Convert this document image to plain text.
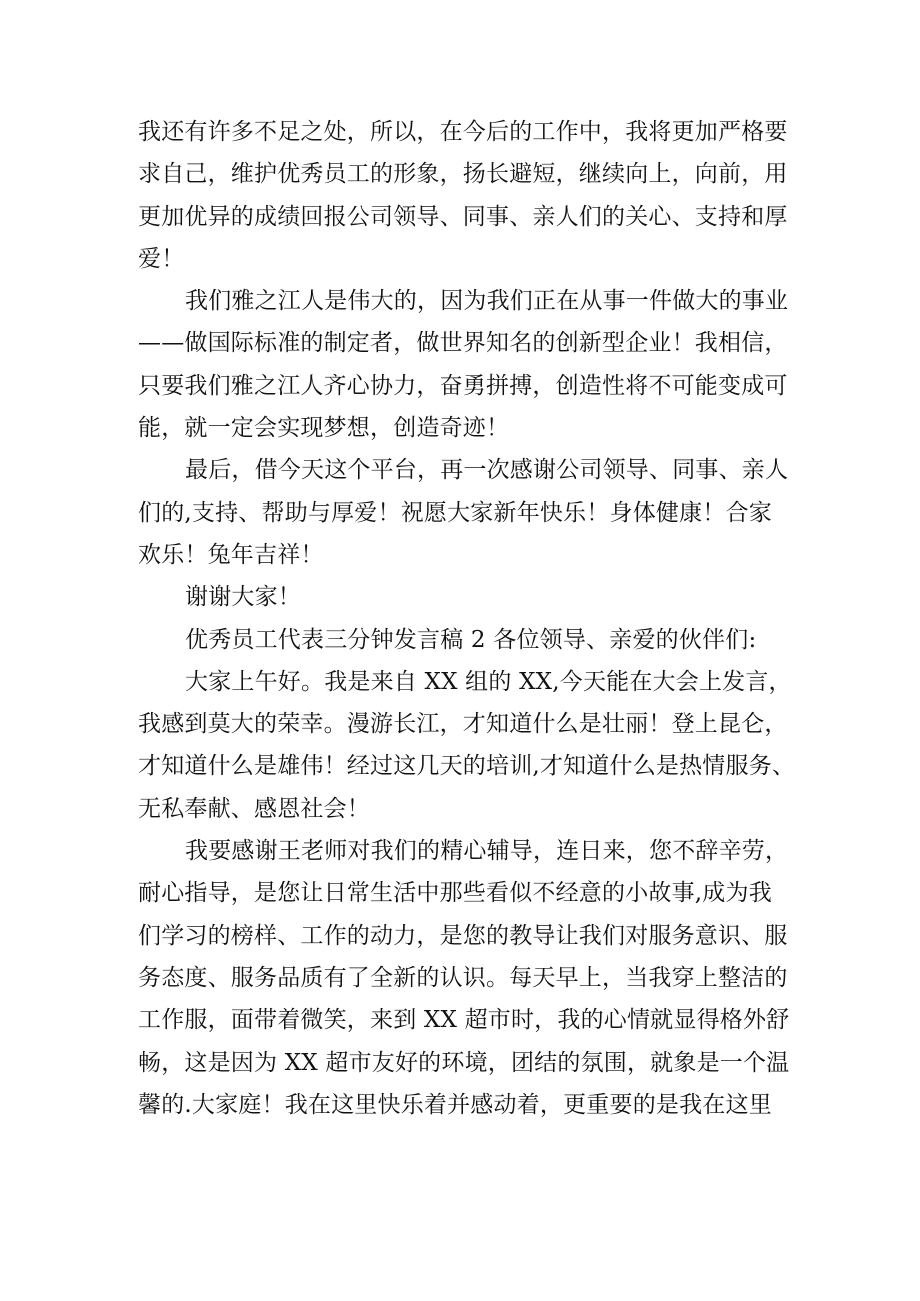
我还有许多不足之处，所以，在今后的工作中，我将更加严格要
求自己，维护优秀员工的形象，扬长避短，继续向上，向前，用
更加优异的成绩回报公司领导、同事、亲人们的关心、支持和厚
爱！
我们雅之江人是伟大的，因为我们正在从事一件做大的事业
——做国际标准的制定者，做世界知名的创新型企业！我相信，
只要我们雅之江人齐心协力，奋勇拼搏，创造性将不可能变成可
能，就一定会实现梦想，创造奇迹！
最后，借今天这个平台，再一次感谢公司领导、同事、亲人
们的,支持、帮助与厚爱！祝愿大家新年快乐！身体健康！合家
欢乐！兔年吉祥！
谢谢大家！
优秀员工代表三分钟发言稿 2 各位领导、亲爱的伙伴们:
大家上午好。我是来自 XX 组的 XX,今天能在大会上发言，
我感到莫大的荣幸。漫游长江，才知道什么是壮丽！登上昆仑，
才知道什么是雄伟！经过这几天的培训,才知道什么是热情服务、
无私奉献、感恩社会！
我要感谢王老师对我们的精心辅导，连日来，您不辞辛劳，
耐心指导，是您让日常生活中那些看似不经意的小故事,成为我
们学习的榜样、工作的动力，是您的教导让我们对服务意识、服
务态度、服务品质有了全新的认识。每天早上，当我穿上整洁的
工作服，面带着微笑，来到 XX 超市时，我的心情就显得格外舒
畅，这是因为 XX 超市友好的环境，团结的氛围，就象是一个温
馨的.大家庭！我在这里快乐着并感动着，更重要的是我在这里
